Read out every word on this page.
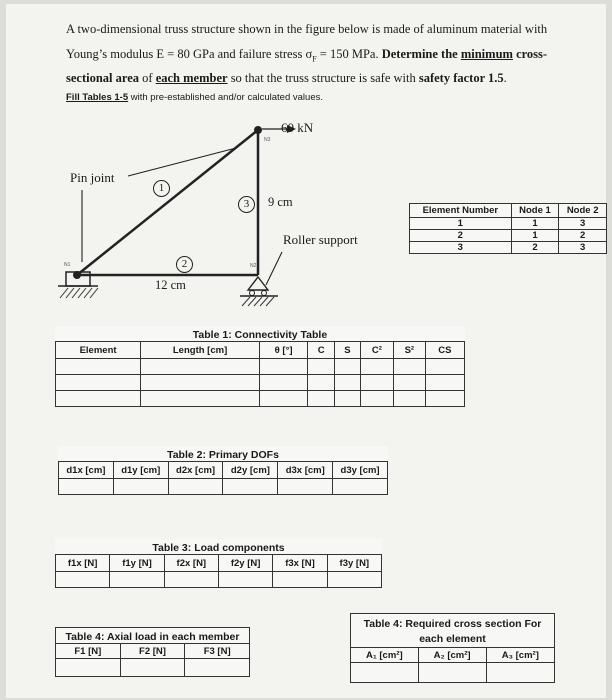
A two-dimensional truss structure shown in the figure below is made of aluminum material with
Young’s modulus E = 80 GPa and failure stress $\sigma_F = 150$ MPa. Determine the minimum cross-
sectional area of each member so that the truss structure is safe with safety factor 1.5.
Fill Tables 1-5 with pre-established and/or calculated values.
60 kN
Pin joint
Roller support
9 cm
12 cm
1
2
3
N1	N2
N3
Element Number	Node 1	Node 2
1	1	3
2	1	2
3	2	3
Table 1: Connectivity Table							
Element	Length [cm]	θ [°]	C	S	C²	S²	CS

Table 2: Primary DOFs					
d1x [cm]	d1y [cm]	d2x [cm]	d2y [cm]	d3x [cm]	d3y [cm]

Table 3: Load components					
f1x [N]	f1y [N]	f2x [N]	f2y [N]	f3x [N]	f3y [N]

Table 4: Axial load in each member		
F1 [N]	F2 [N]	F3 [N]

Table 4: Required cross section For
each element		
A₁ [cm²]	A₂ [cm²]	A₃ [cm²]
